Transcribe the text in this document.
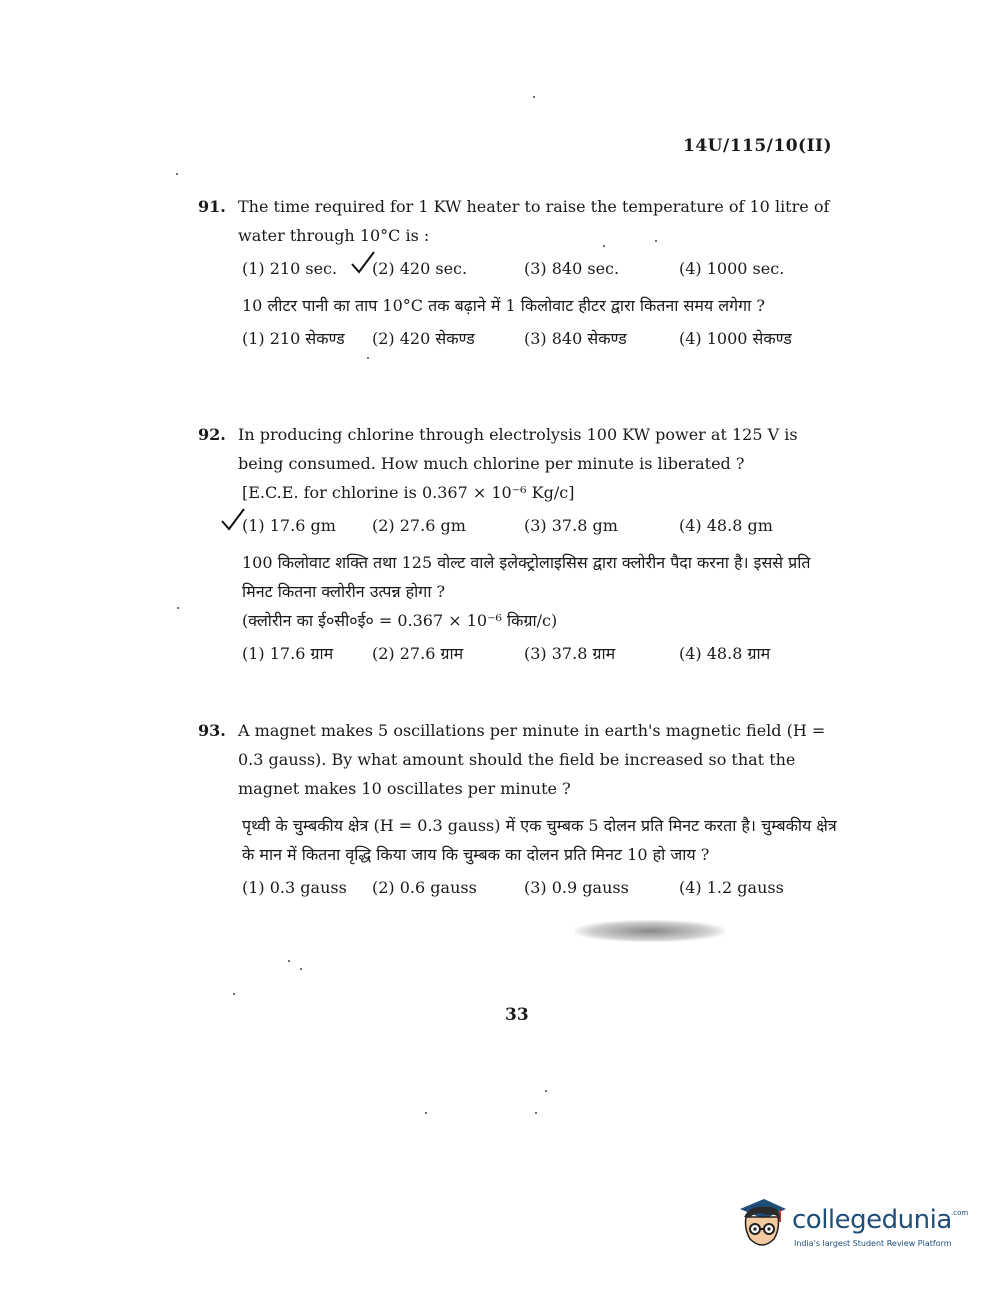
14U/115/10(II)
91. The time required for 1 KW heater to raise the temperature of 10 litre of water through 10°C is :
(1) 210 sec.	(2) 420 sec.	(3) 840 sec.	(4) 1000 sec.
10 लीटर पानी का ताप 10°C तक बढ़ाने में 1 किलोवाट हीटर द्वारा कितना समय लगेगा ?
(1) 210 सेकण्ड	(2) 420 सेकण्ड	(3) 840 सेकण्ड	(4) 1000 सेकण्ड
92. In producing chlorine through electrolysis 100 KW power at 125 V is being consumed. How much chlorine per minute is liberated ?
[E.C.E. for chlorine is 0.367 × 10⁻⁶ Kg/c]
(1) 17.6 gm	(2) 27.6 gm	(3) 37.8 gm	(4) 48.8 gm
100 किलोवाट शक्ति तथा 125 वोल्ट वाले इलेक्ट्रोलाइसिस द्वारा क्लोरीन पैदा करना है। इससे प्रति मिनट कितना क्लोरीन उत्पन्न होगा ?
(क्लोरीन का ई०सी०ई० = 0.367 × 10⁻⁶ किग्रा/c)
(1) 17.6 ग्राम	(2) 27.6 ग्राम	(3) 37.8 ग्राम	(4) 48.8 ग्राम
93. A magnet makes 5 oscillations per minute in earth's magnetic field (H = 0.3 gauss). By what amount should the field be increased so that the magnet makes 10 oscillates per minute ?
पृथ्वी के चुम्बकीय क्षेत्र (H = 0.3 gauss) में एक चुम्बक 5 दोलन प्रति मिनट करता है। चुम्बकीय क्षेत्र के मान में कितना वृद्धि किया जाय कि चुम्बक का दोलन प्रति मिनट 10 हो जाय ?
(1) 0.3 gauss	(2) 0.6 gauss	(3) 0.9 gauss	(4) 1.2 gauss
33
collegedunia .com
India's largest Student Review Platform
